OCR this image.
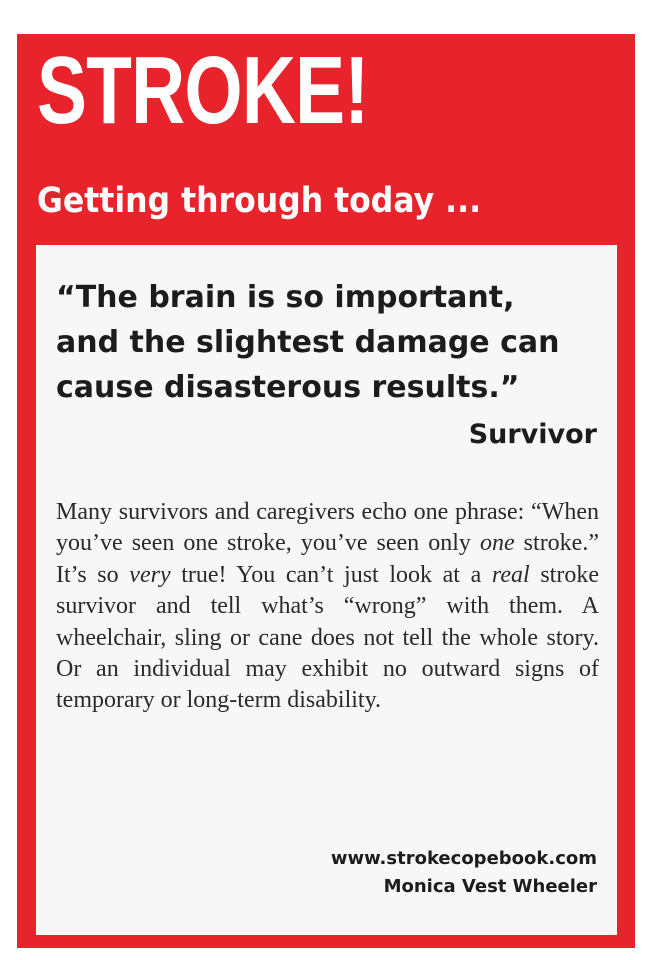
STROKE!
Getting through today ...

“The brain is so important,
and the slightest damage can
cause disasterous results.”

Survivor

Many survivors and caregivers echo one phrase: “When you’ve seen one stroke, you’ve seen only one stroke.” It’s so very true! You can’t just look at a real stroke survivor and tell what’s “wrong” with them. A wheelchair, sling or cane does not tell the whole story. Or an individual may exhibit no outward signs of temporary or long-term disability.

www.strokecopebook.com
Monica Vest Wheeler
